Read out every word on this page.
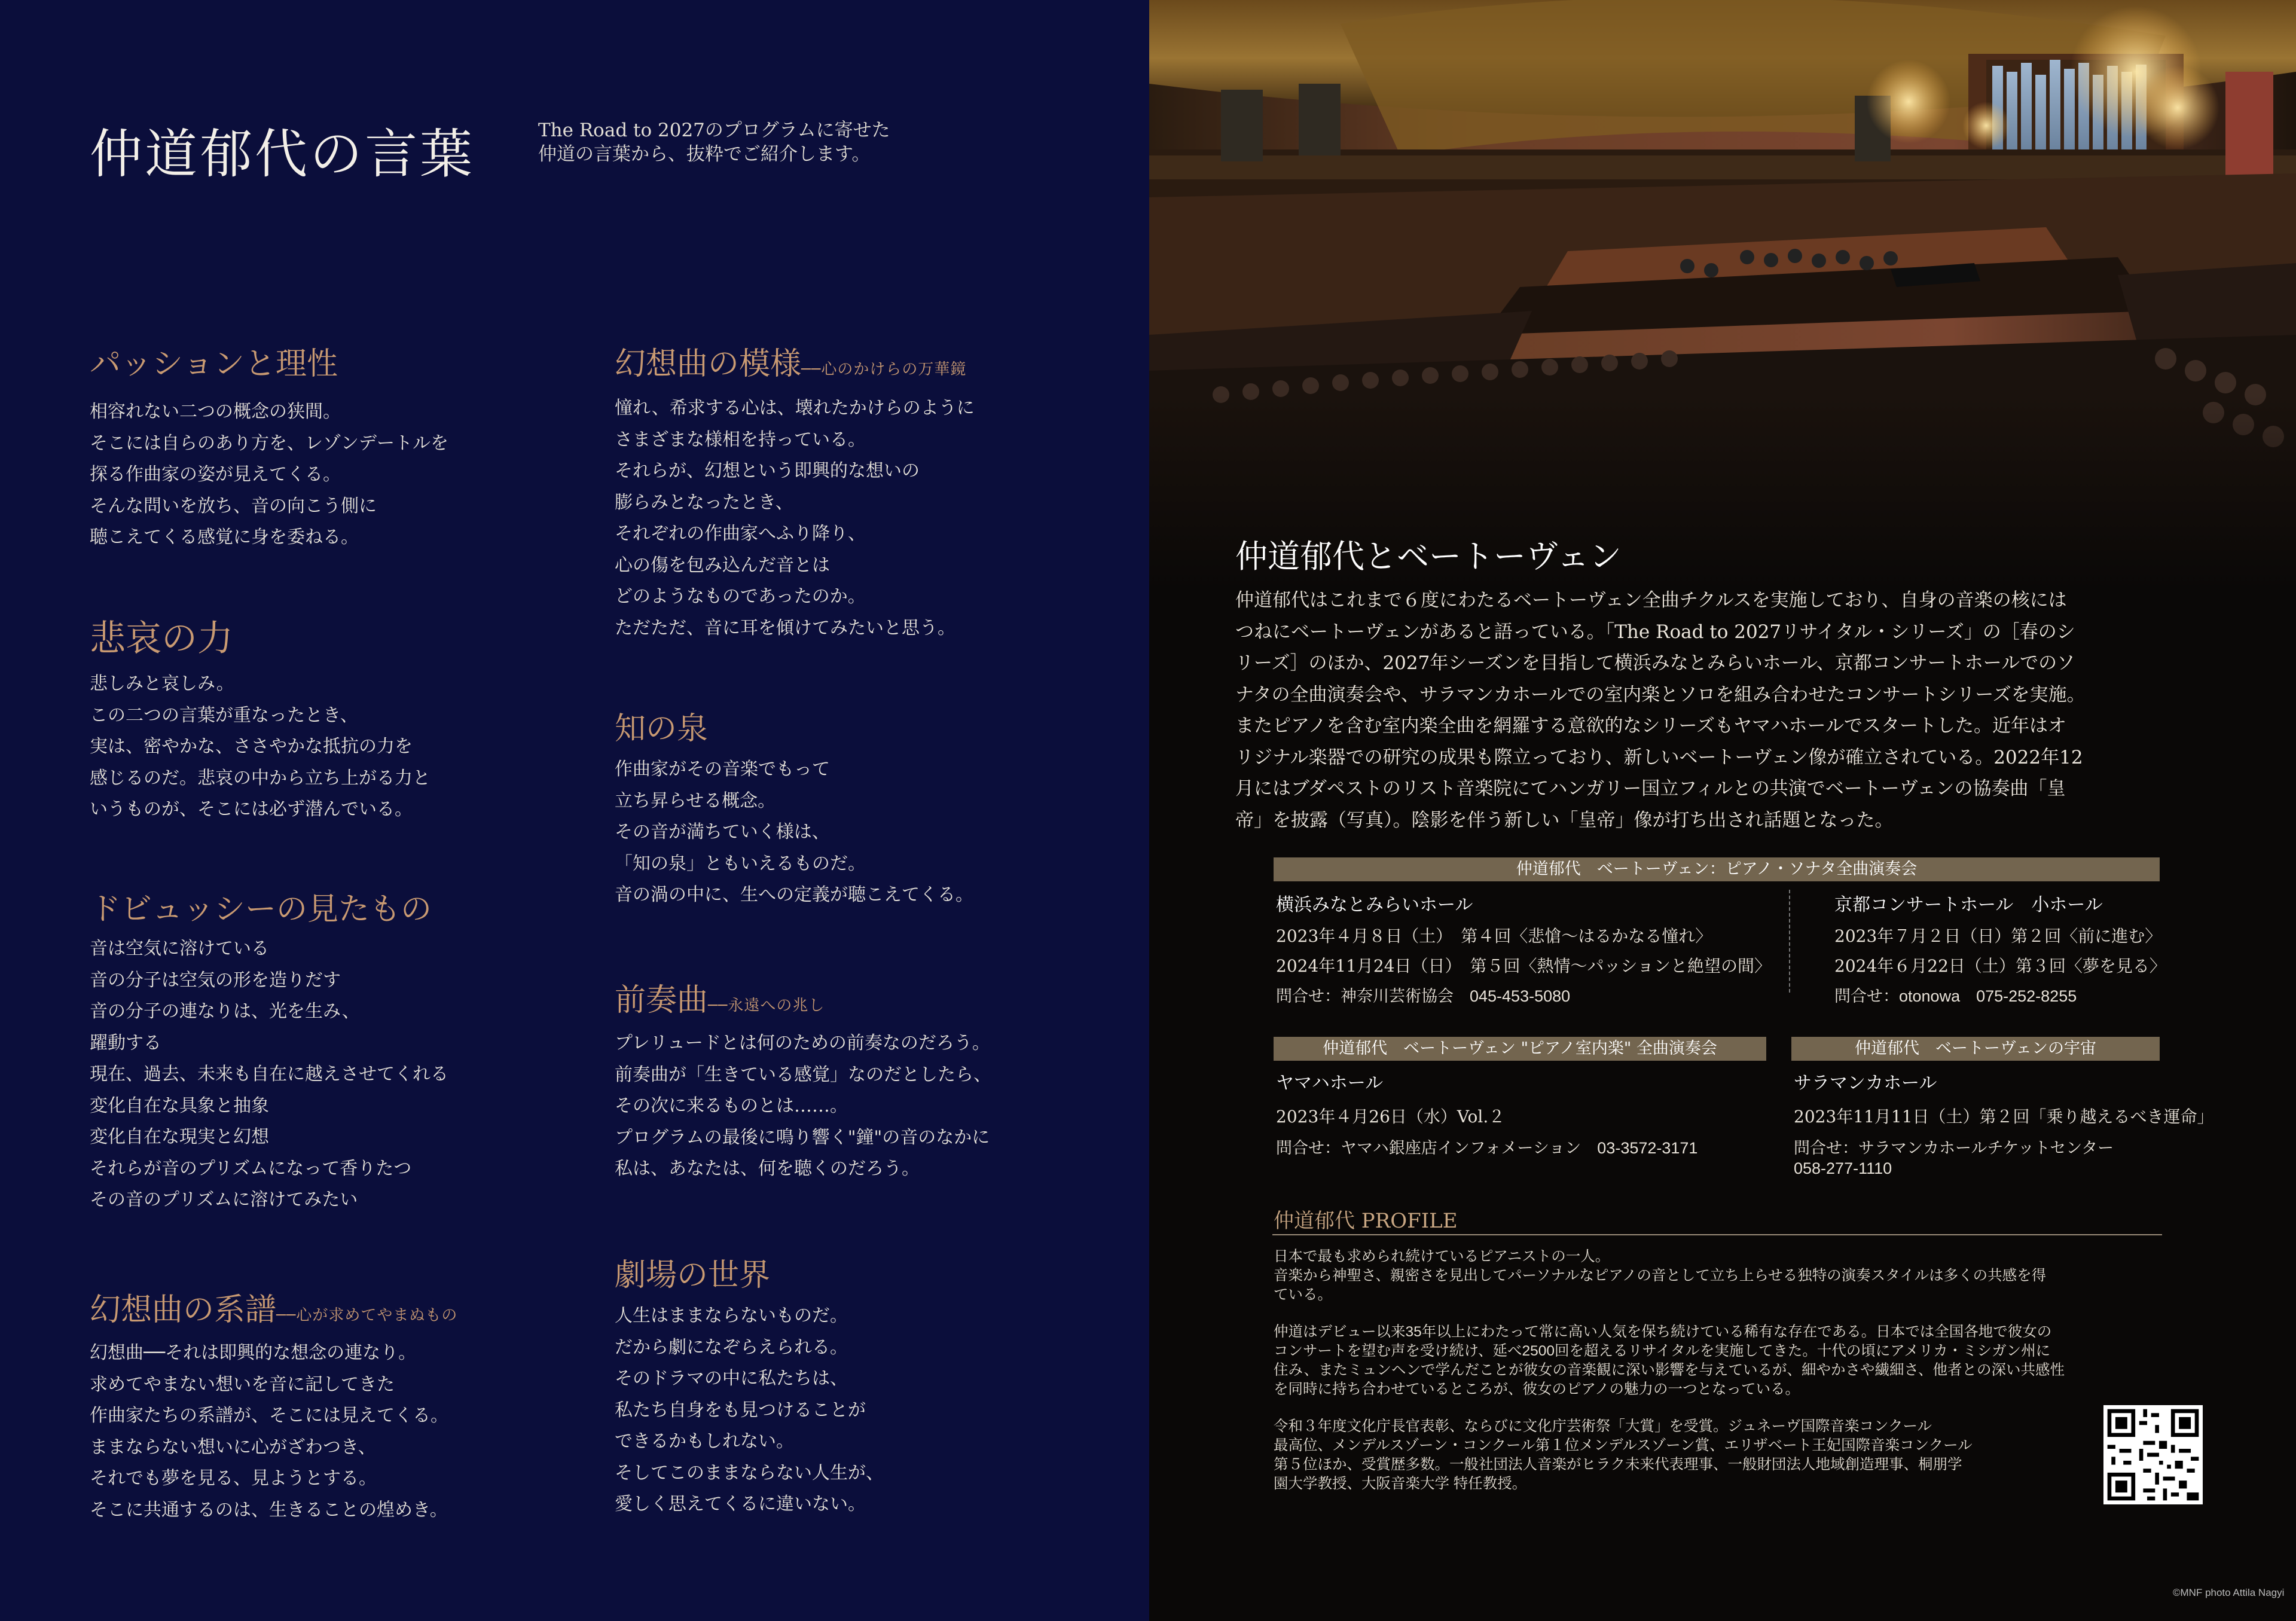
仲道郁代の言葉	The Road to 2027のプログラムに寄せた
仲道の言葉から、抜粋でご紹介します。
パッションと理性
相容れない二つの概念の狭間。
そこには自らのあり方を、レゾンデートルを
探る作曲家の姿が見えてくる。
そんな問いを放ち、音の向こう側に
聴こえてくる感覚に身を委ねる。
悲哀の力
悲しみと哀しみ。
この二つの言葉が重なったとき、
実は、密やかな、ささやかな抵抗の力を
感じるのだ。悲哀の中から立ち上がる力と
いうものが、そこには必ず潜んでいる。
ドビュッシーの見たもの
音は空気に溶けている
音の分子は空気の形を造りだす
音の分子の連なりは、光を生み、
躍動する
現在、過去、未来も自在に越えさせてくれる
変化自在な具象と抽象
変化自在な現実と幻想
それらが音のプリズムになって香りたつ
その音のプリズムに溶けてみたい
幻想曲の系譜──心が求めてやまぬもの
幻想曲──それは即興的な想念の連なり。
求めてやまない想いを音に記してきた
作曲家たちの系譜が、そこには見えてくる。
ままならない想いに心がざわつき、
それでも夢を見る、見ようとする。
そこに共通するのは、生きることの煌めき。
幻想曲の模様──心のかけらの万華鏡
憧れ、希求する心は、壊れたかけらのように
さまざまな様相を持っている。
それらが、幻想という即興的な想いの
膨らみとなったとき、
それぞれの作曲家へふり降り、
心の傷を包み込んだ音とは
どのようなものであったのか。
ただただ、音に耳を傾けてみたいと思う。
知の泉
作曲家がその音楽でもって
立ち昇らせる概念。
その音が満ちていく様は、
「知の泉」ともいえるものだ。
音の渦の中に、生への定義が聴こえてくる。
前奏曲──永遠への兆し
プレリュードとは何のための前奏なのだろう。
前奏曲が「生きている感覚」なのだとしたら、
その次に来るものとは……。
プログラムの最後に鳴り響く"鐘"の音のなかに
私は、あなたは、何を聴くのだろう。
劇場の世界
人生はままならないものだ。
だから劇になぞらえられる。
そのドラマの中に私たちは、
私たち自身をも見つけることが
できるかもしれない。
そしてこのままならない人生が、
愛しく思えてくるに違いない。
仲道郁代とベートーヴェン
仲道郁代はこれまで６度にわたるベートーヴェン全曲チクルスを実施しており、自身の音楽の核には
つねにベートーヴェンがあると語っている。「The Road to 2027リサイタル・シリーズ」の［春のシ
リーズ］のほか、2027年シーズンを目指して横浜みなとみらいホール、京都コンサートホールでのソ
ナタの全曲演奏会や、サラマンカホールでの室内楽とソロを組み合わせたコンサートシリーズを実施。
またピアノを含む室内楽全曲を網羅する意欲的なシリーズもヤマハホールでスタートした。近年はオ
リジナル楽器での研究の成果も際立っており、新しいベートーヴェン像が確立されている。2022年12
月にはブダペストのリスト音楽院にてハンガリー国立フィルとの共演でベートーヴェンの協奏曲「皇
帝」を披露（写真）。陰影を伴う新しい「皇帝」像が打ち出され話題となった。
仲道郁代　ベートーヴェン：ピアノ・ソナタ全曲演奏会
横浜みなとみらいホール
2023年４月８日（土）　第４回〈悲愴〜はるかなる憧れ〉
2024年11月24日（日）　第５回〈熱情〜パッションと絶望の間〉
問合せ：神奈川芸術協会　045-453-5080
京都コンサートホール　小ホール
2023年７月２日（日）第２回〈前に進む〉
2024年６月22日（土）第３回〈夢を見る〉
問合せ：otonowa　075-252-8255
仲道郁代　ベートーヴェン "ピアノ室内楽" 全曲演奏会
ヤマハホール
2023年４月26日（水）Vol.２
問合せ：ヤマハ銀座店インフォメーション　03-3572-3171
仲道郁代　ベートーヴェンの宇宙
サラマンカホール
2023年11月11日（土）第２回「乗り越えるべき運命」
問合せ：サラマンカホールチケットセンター
058-277-1110
仲道郁代 PROFILE
日本で最も求められ続けているピアニストの一人。
音楽から神聖さ、親密さを見出してパーソナルなピアノの音として立ち上らせる独特の演奏スタイルは多くの共感を得
ている。
仲道はデビュー以来35年以上にわたって常に高い人気を保ち続けている稀有な存在である。日本では全国各地で彼女の
コンサートを望む声を受け続け、延べ2500回を超えるリサイタルを実施してきた。十代の頃にアメリカ・ミシガン州に
住み、またミュンヘンで学んだことが彼女の音楽観に深い影響を与えているが、細やかさや繊細さ、他者との深い共感性
を同時に持ち合わせているところが、彼女のピアノの魅力の一つとなっている。
令和３年度文化庁長官表彰、ならびに文化庁芸術祭「大賞」を受賞。ジュネーヴ国際音楽コンクール
最高位、メンデルスゾーン・コンクール第１位メンデルスゾーン賞、エリザベート王妃国際音楽コンクール
第５位ほか、受賞歴多数。一般社団法人音楽がヒラク未来代表理事、一般財団法人地域創造理事、桐朋学
園大学教授、大阪音楽大学 特任教授。
©MNF photo Attila Nagyi
